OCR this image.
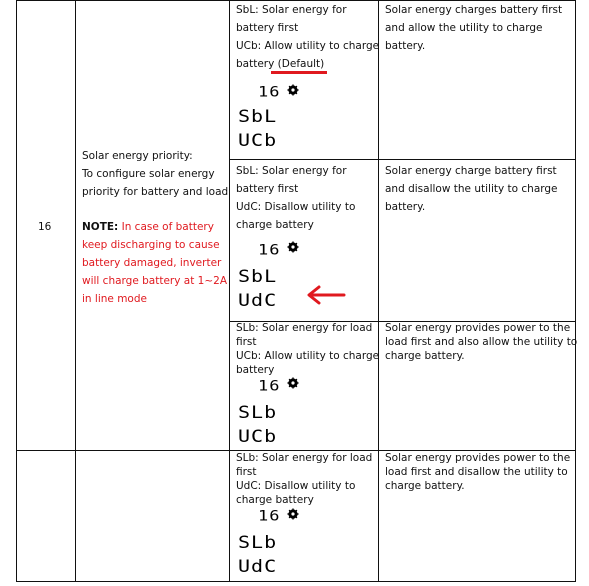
16
Solar energy priority:
To configure solar energy
priority for battery and load
NOTE: In case of battery
keep discharging to cause
battery damaged, inverter
will charge battery at 1~2A
in line mode
SbL: Solar energy for
battery first
UCb: Allow utility to charge
battery (Default)
16
SbL
UCb
Solar energy charges battery first
and allow the utility to charge
battery.
SbL: Solar energy for
battery first
UdC: Disallow utility to
charge battery
16
SbL
UdC
Solar energy charge battery first
and disallow the utility to charge
battery.
SLb: Solar energy for load
first
UCb: Allow utility to charge
battery
16
SLb
UCb
Solar energy provides power to the
load first and also allow the utility to
charge battery.
SLb: Solar energy for load
first
UdC: Disallow utility to
charge battery
16
SLb
UdC
Solar energy provides power to the
load first and disallow the utility to
charge battery.
